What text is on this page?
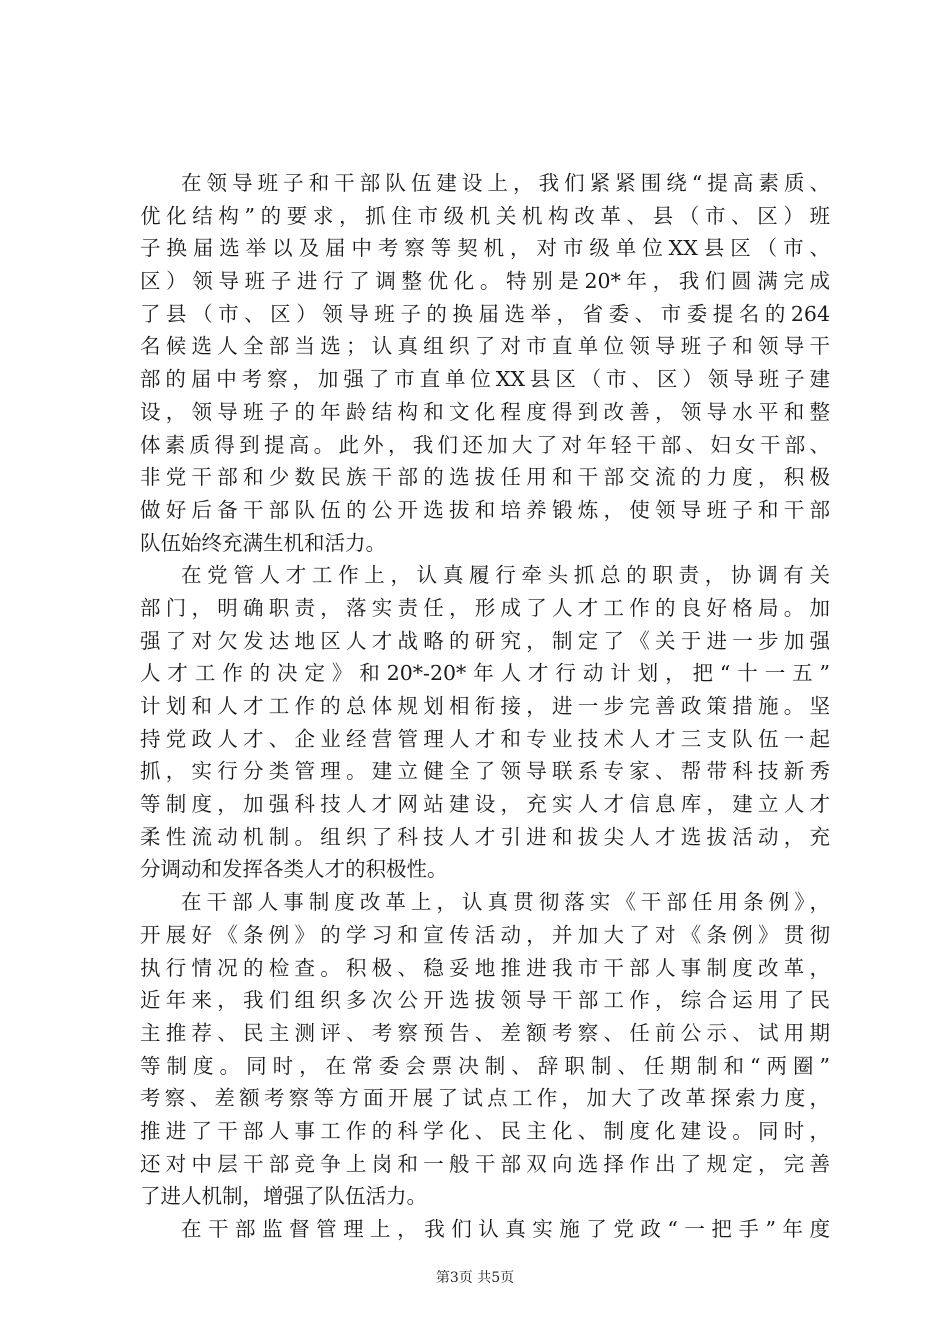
在领导班子和干部队伍建设上，我们紧紧围绕“提高素质、
优化结构”的要求，抓住市级机关机构改革、县（市、区）班
子换届选举以及届中考察等契机，对市级单位XX县区（市、
区）领导班子进行了调整优化。特别是20*年，我们圆满完成
了县（市、区）领导班子的换届选举，省委、市委提名的264
名候选人全部当选；认真组织了对市直单位领导班子和领导干
部的届中考察，加强了市直单位XX县区（市、区）领导班子建
设，领导班子的年龄结构和文化程度得到改善，领导水平和整
体素质得到提高。此外，我们还加大了对年轻干部、妇女干部、
非党干部和少数民族干部的选拔任用和干部交流的力度，积极
做好后备干部队伍的公开选拔和培养锻炼，使领导班子和干部
队伍始终充满生机和活力。
在党管人才工作上，认真履行牵头抓总的职责，协调有关
部门，明确职责，落实责任，形成了人才工作的良好格局。加
强了对欠发达地区人才战略的研究，制定了《关于进一步加强
人才工作的决定》和20*-20*年人才行动计划，把“十一五”
计划和人才工作的总体规划相衔接，进一步完善政策措施。坚
持党政人才、企业经营管理人才和专业技术人才三支队伍一起
抓，实行分类管理。建立健全了领导联系专家、帮带科技新秀
等制度，加强科技人才网站建设，充实人才信息库，建立人才
柔性流动机制。组织了科技人才引进和拔尖人才选拔活动，充
分调动和发挥各类人才的积极性。
在干部人事制度改革上，认真贯彻落实《干部任用条例》，
开展好《条例》的学习和宣传活动，并加大了对《条例》贯彻
执行情况的检查。积极、稳妥地推进我市干部人事制度改革，
近年来，我们组织多次公开选拔领导干部工作，综合运用了民
主推荐、民主测评、考察预告、差额考察、任前公示、试用期
等制度。同时，在常委会票决制、辞职制、任期制和“两圈”
考察、差额考察等方面开展了试点工作，加大了改革探索力度，
推进了干部人事工作的科学化、民主化、制度化建设。同时，
还对中层干部竞争上岗和一般干部双向选择作出了规定，完善
了进人机制，增强了队伍活力。
在干部监督管理上，我们认真实施了党政“一把手”年度
第3页 共5页
